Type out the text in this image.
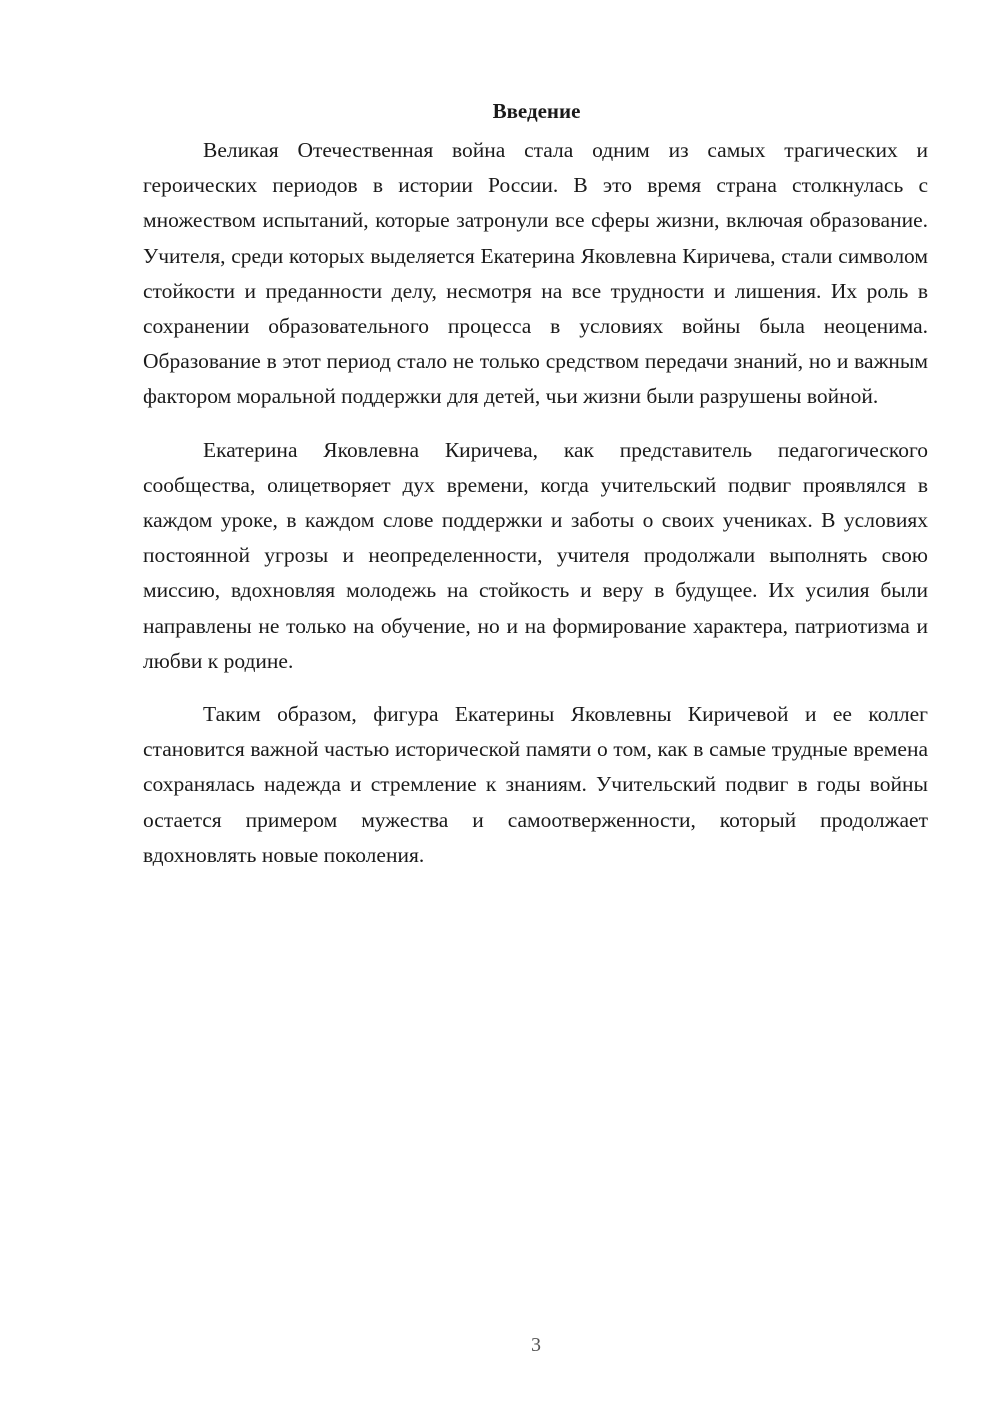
Введение

Великая Отечественная война стала одним из самых трагических и героических периодов в истории России. В это время страна столкнулась с множеством испытаний, которые затронули все сферы жизни, включая образование. Учителя, среди которых выделяется Екатерина Яковлевна Киричева, стали символом стойкости и преданности делу, несмотря на все трудности и лишения. Их роль в сохранении образовательного процесса в условиях войны была неоценима. Образование в этот период стало не только средством передачи знаний, но и важным фактором моральной поддержки для детей, чьи жизни были разрушены войной.

Екатерина Яковлевна Киричева, как представитель педагогического сообщества, олицетворяет дух времени, когда учительский подвиг проявлялся в каждом уроке, в каждом слове поддержки и заботы о своих учениках. В условиях постоянной угрозы и неопределенности, учителя продолжали выполнять свою миссию, вдохновляя молодежь на стойкость и веру в будущее. Их усилия были направлены не только на обучение, но и на формирование характера, патриотизма и любви к родине.

Таким образом, фигура Екатерины Яковлевны Киричевой и ее коллег становится важной частью исторической памяти о том, как в самые трудные времена сохранялась надежда и стремление к знаниям. Учительский подвиг в годы войны остается примером мужества и самоотверженности, который продолжает вдохновлять новые поколения.

3
